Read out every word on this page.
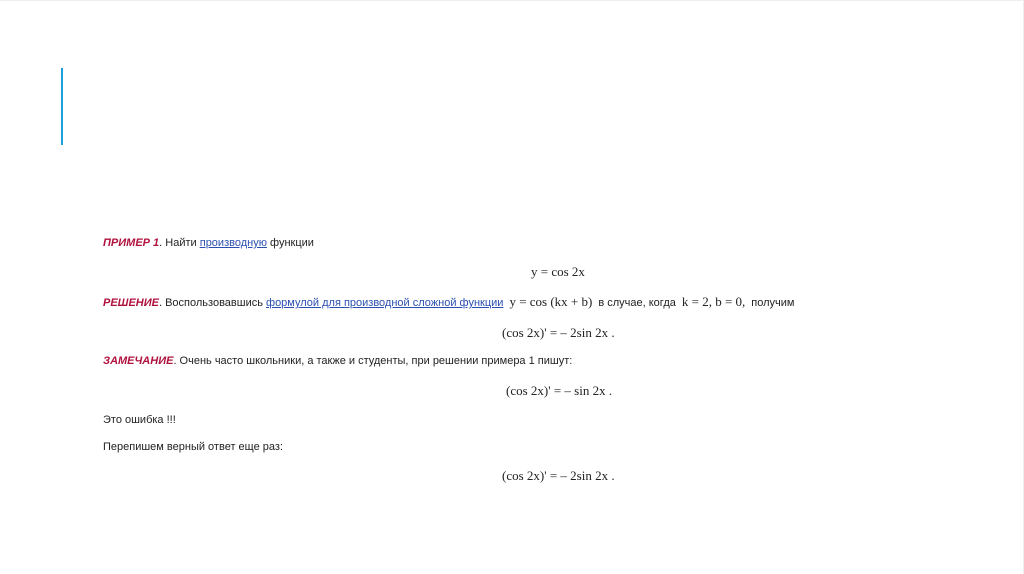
ПРИМЕР 1. Найти производную функции
y = cos 2x
РЕШЕНИЕ. Воспользовавшись формулой для производной сложной функции y = cos (kx + b) в случае, когда k = 2, b = 0, получим
(cos 2x)' = – 2sin 2x .
ЗАМЕЧАНИЕ. Очень часто школьники, а также и студенты, при решении примера 1 пишут:
(cos 2x)' = – sin 2x .
Это ошибка !!!
Перепишем верный ответ еще раз:
(cos 2x)' = – 2sin 2x .
